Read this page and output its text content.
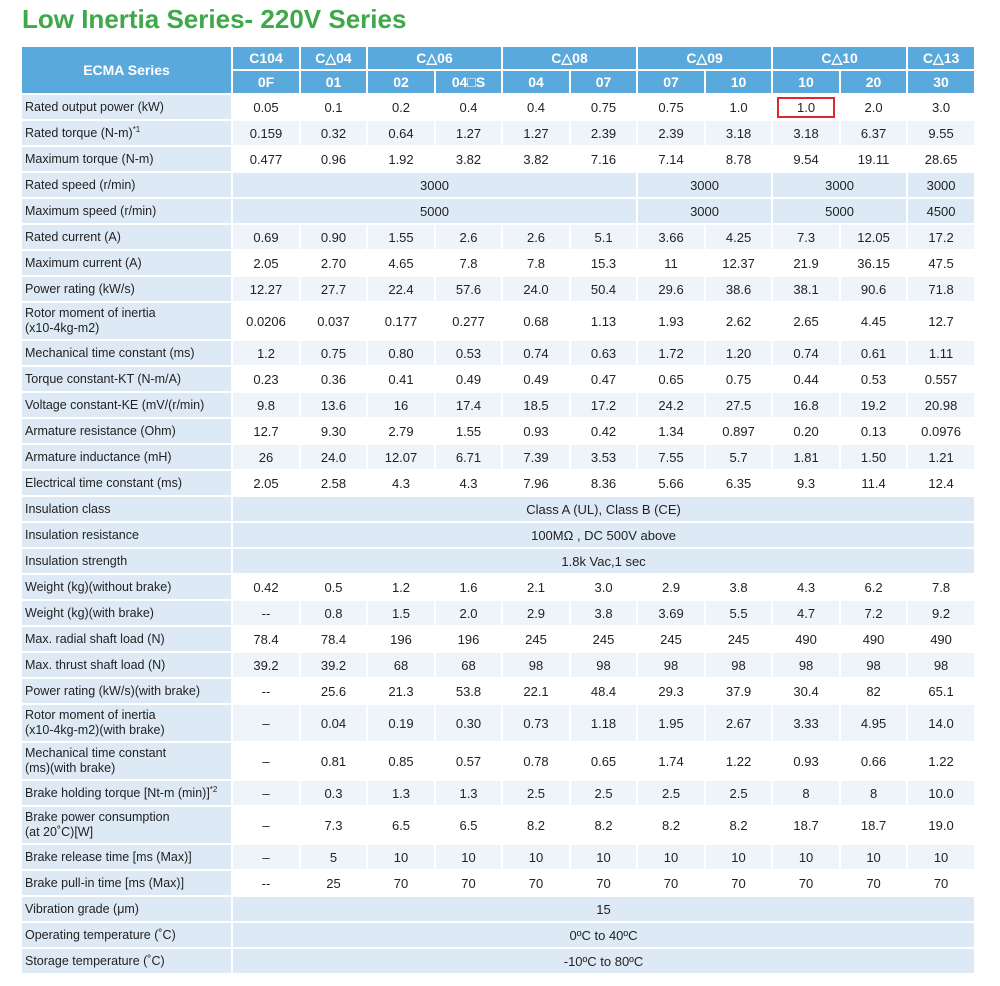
Low Inertia Series- 220V Series
ECMA Series	C104	C△04	C△06		C△08		C△09		C△10		C△13
	0F	01	02	04□S	04	07	07	10	10	20	30
Rated output power (kW)	0.05	0.1	0.2	0.4	0.4	0.75	0.75	1.0	1.0	2.0	3.0
Rated torque $(N-m)^{*1}$	0.159	0.32	0.64	1.27	1.27	2.39	2.39	3.18	3.18	6.37	9.55
Maximum torque (N-m)	0.477	0.96	1.92	3.82	3.82	7.16	7.14	8.78	9.54	19.11	28.65
Rated speed (r/min)	3000						3000		3000		3000
Maximum speed (r/min)	5000						3000		5000		4500
Rated current (A)	0.69	0.90	1.55	2.6	2.6	5.1	3.66	4.25	7.3	12.05	17.2
Maximum current (A)	2.05	2.70	4.65	7.8	7.8	15.3	11	12.37	21.9	36.15	47.5
Power rating (kW/s)	12.27	27.7	22.4	57.6	24.0	50.4	29.6	38.6	38.1	90.6	71.8

Rotor moment of inertia
(x10-4kg-m2)	0.0206	0.037	0.177	0.277	0.68	1.13	1.93	2.62	2.65	4.45	12.7
Mechanical time constant (ms)	1.2	0.75	0.80	0.53	0.74	0.63	1.72	1.20	0.74	0.61	1.11
Torque constant-KT (N-m/A)	0.23	0.36	0.41	0.49	0.49	0.47	0.65	0.75	0.44	0.53	0.557
Voltage constant-KE (mV/(r/min)	9.8	13.6	16	17.4	18.5	17.2	24.2	27.5	16.8	19.2	20.98
Armature resistance (Ohm)	12.7	9.30	2.79	1.55	0.93	0.42	1.34	0.897	0.20	0.13	0.0976
Armature inductance (mH)	26	24.0	12.07	6.71	7.39	3.53	7.55	5.7	1.81	1.50	1.21
Electrical time constant (ms)	2.05	2.58	4.3	4.3	7.96	8.36	5.66	6.35	9.3	11.4	12.4
Insulation class	Class A (UL), Class B (CE)										
Insulation resistance	100MΩ , DC 500V above										
Insulation strength	1.8k Vac,1 sec										
Weight (kg)(without brake)	0.42	0.5	1.2	1.6	2.1	3.0	2.9	3.8	4.3	6.2	7.8
Weight (kg)(with brake)	--	0.8	1.5	2.0	2.9	3.8	3.69	5.5	4.7	7.2	9.2
Max. radial shaft load (N)	78.4	78.4	196	196	245	245	245	245	490	490	490
Max. thrust shaft load (N)	39.2	39.2	68	68	98	98	98	98	98	98	98
Power rating (kW/s)(with brake)	--	25.6	21.3	53.8	22.1	48.4	29.3	37.9	30.4	82	65.1

Rotor moment of inertia
(x10-4kg-m2)(with brake)	–	0.04	0.19	0.30	0.73	1.18	1.95	2.67	3.33	4.95	14.0

Mechanical time constant
(ms)(with brake)	–	0.81	0.85	0.57	0.78	0.65	1.74	1.22	0.93	0.66	1.22
Brake holding torque [Nt-m (min)]$^{*2}$	–	0.3	1.3	1.3	2.5	2.5	2.5	2.5	8	8	10.0

Brake power consumption
(at 20˚C)[W]	–	7.3	6.5	6.5	8.2	8.2	8.2	8.2	18.7	18.7	19.0
Brake release time [ms (Max)]	–	5	10	10	10	10	10	10	10	10	10
Brake pull-in time [ms (Max)]	--	25	70	70	70	70	70	70	70	70	70
Vibration grade (μm)	15										
Operating temperature (˚C)	0ºC to 40ºC										
Storage temperature (˚C)	-10ºC to 80ºC										
